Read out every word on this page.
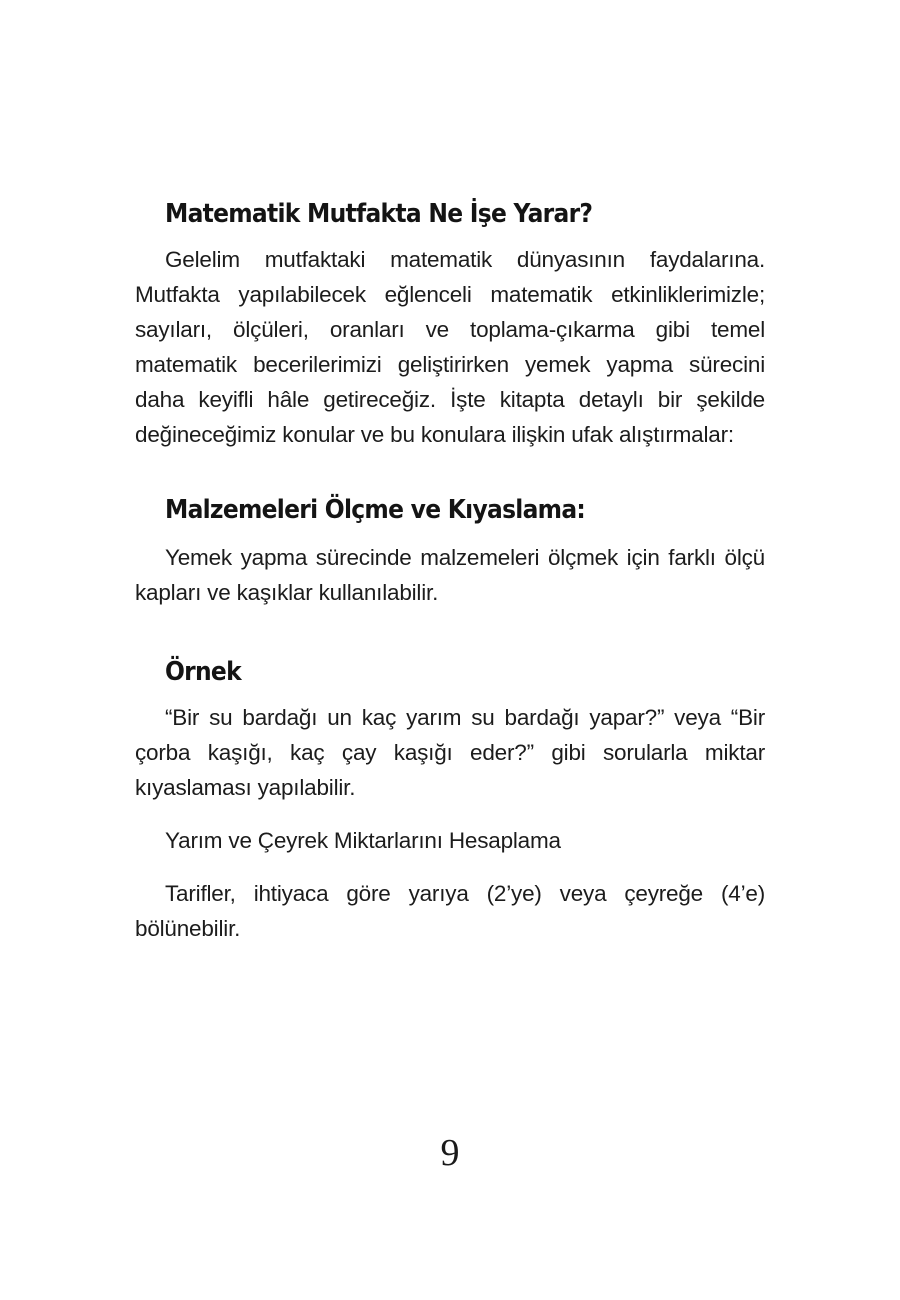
Matematik Mutfakta Ne İşe Yarar?

Gelelim mutfaktaki matematik dünyasının faydalarına. Mutfakta yapılabilecek eğlenceli matematik etkinliklerimizle; sayıları, ölçüleri, oranları ve toplama-çıkarma gibi temel matematik becerilerimizi geliştirirken yemek yapma sürecini daha keyifli hâle getireceğiz. İşte kitapta detaylı bir şekilde değineceğimiz konular ve bu konulara ilişkin ufak alıştırmalar:

Malzemeleri Ölçme ve Kıyaslama:

Yemek yapma sürecinde malzemeleri ölçmek için farklı ölçü kapları ve kaşıklar kullanılabilir.

Örnek

“Bir su bardağı un kaç yarım su bardağı yapar?” veya “Bir çorba kaşığı, kaç çay kaşığı eder?” gibi sorularla miktar kıyaslaması yapılabilir.

Yarım ve Çeyrek Miktarlarını Hesaplama

Tarifler, ihtiyaca göre yarıya (2’ye) veya çeyreğe (4’e) bölünebilir.

9
